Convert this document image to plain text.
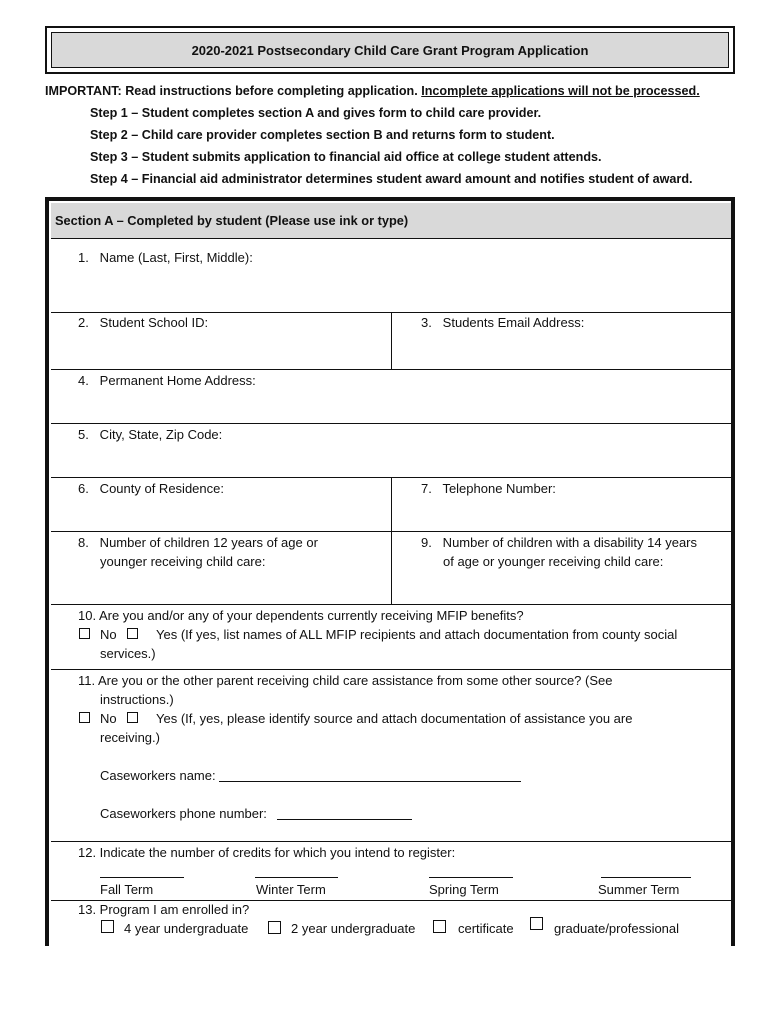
2020-2021 Postsecondary Child Care Grant Program Application
IMPORTANT: Read instructions before completing application. Incomplete applications will not be processed.
Step 1 – Student completes section A and gives form to child care provider.
Step 2 – Child care provider completes section B and returns form to student.
Step 3 – Student submits application to financial aid office at college student attends.
Step 4 – Financial aid administrator determines student award amount and notifies student of award.
Section A – Completed by student (Please use ink or type)
1.   Name (Last, First, Middle):
2.   Student School ID:	3.   Students Email Address:
4.   Permanent Home Address:
5.   City, State, Zip Code:
6.   County of Residence:	7.   Telephone Number:
8.   Number of children 12 years of age or
younger receiving child care:
9.   Number of children with a disability 14 years
of age or younger receiving child care:
10. Are you and/or any of your dependents currently receiving MFIP benefits?
No	Yes (If yes, list names of ALL MFIP recipients and attach documentation from county social
services.)
11. Are you or the other parent receiving child care assistance from some other source? (See
instructions.)
No	Yes (If, yes, please identify source and attach documentation of assistance you are
receiving.)
Caseworkers name:
Caseworkers phone number:
12. Indicate the number of credits for which you intend to register:
Fall Term	Winter Term	Spring Term	Summer Term
13. Program I am enrolled in?
4 year undergraduate	2 year undergraduate	certificate	graduate/professional
